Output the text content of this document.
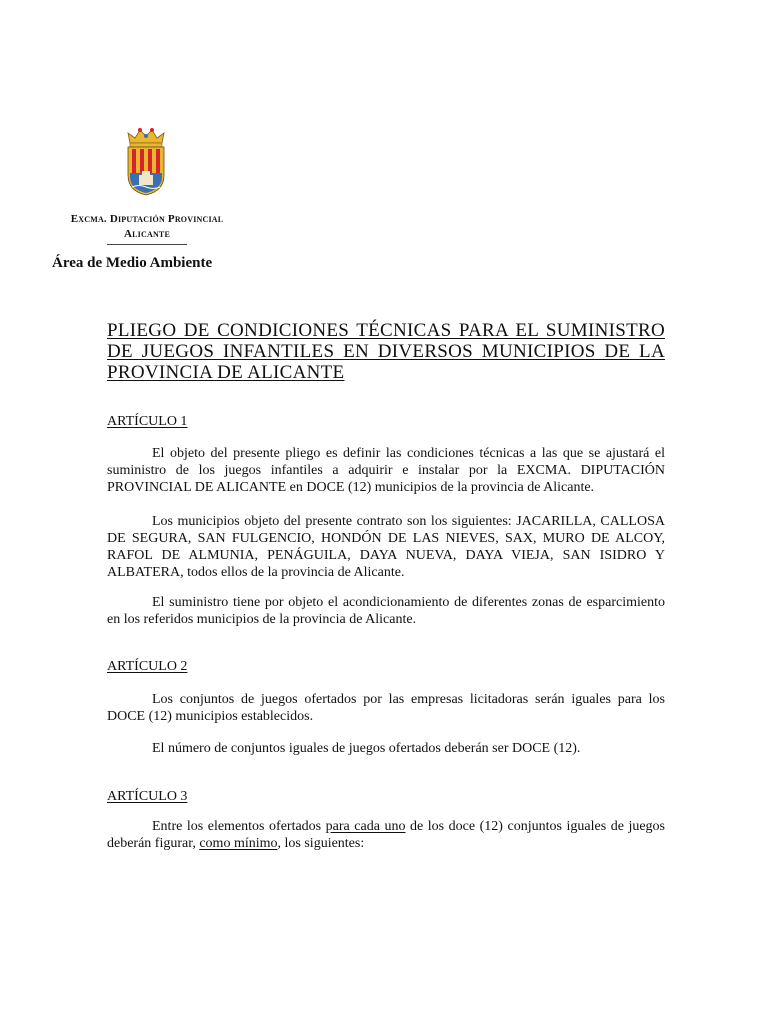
Excma. Diputación Provincial
Alicante
Área de Medio Ambiente
PLIEGO DE CONDICIONES TÉCNICAS PARA EL SUMINISTRO DE JUEGOS INFANTILES EN DIVERSOS MUNICIPIOS DE LA PROVINCIA DE ALICANTE
ARTÍCULO 1

El objeto del presente pliego es definir las condiciones técnicas a las que se ajustará el suministro de los juegos infantiles a adquirir e instalar por la EXCMA. DIPUTACIÓN PROVINCIAL DE ALICANTE en DOCE (12) municipios de la provincia de Alicante.

Los municipios objeto del presente contrato son los siguientes: JACARILLA, CALLOSA DE SEGURA, SAN FULGENCIO, HONDÓN DE LAS NIEVES, SAX, MURO DE ALCOY, RAFOL DE ALMUNIA, PENÁGUILA, DAYA NUEVA, DAYA VIEJA, SAN ISIDRO Y ALBATERA, todos ellos de la provincia de Alicante.

El suministro tiene por objeto el acondicionamiento de diferentes zonas de esparcimiento en los referidos municipios de la provincia de Alicante.

ARTÍCULO 2

Los conjuntos de juegos ofertados por las empresas licitadoras serán iguales para los DOCE (12) municipios establecidos.

El número de conjuntos iguales de juegos ofertados deberán ser DOCE (12).

ARTÍCULO 3

Entre los elementos ofertados para cada uno de los doce (12) conjuntos iguales de juegos deberán figurar, como mínimo, los siguientes:
